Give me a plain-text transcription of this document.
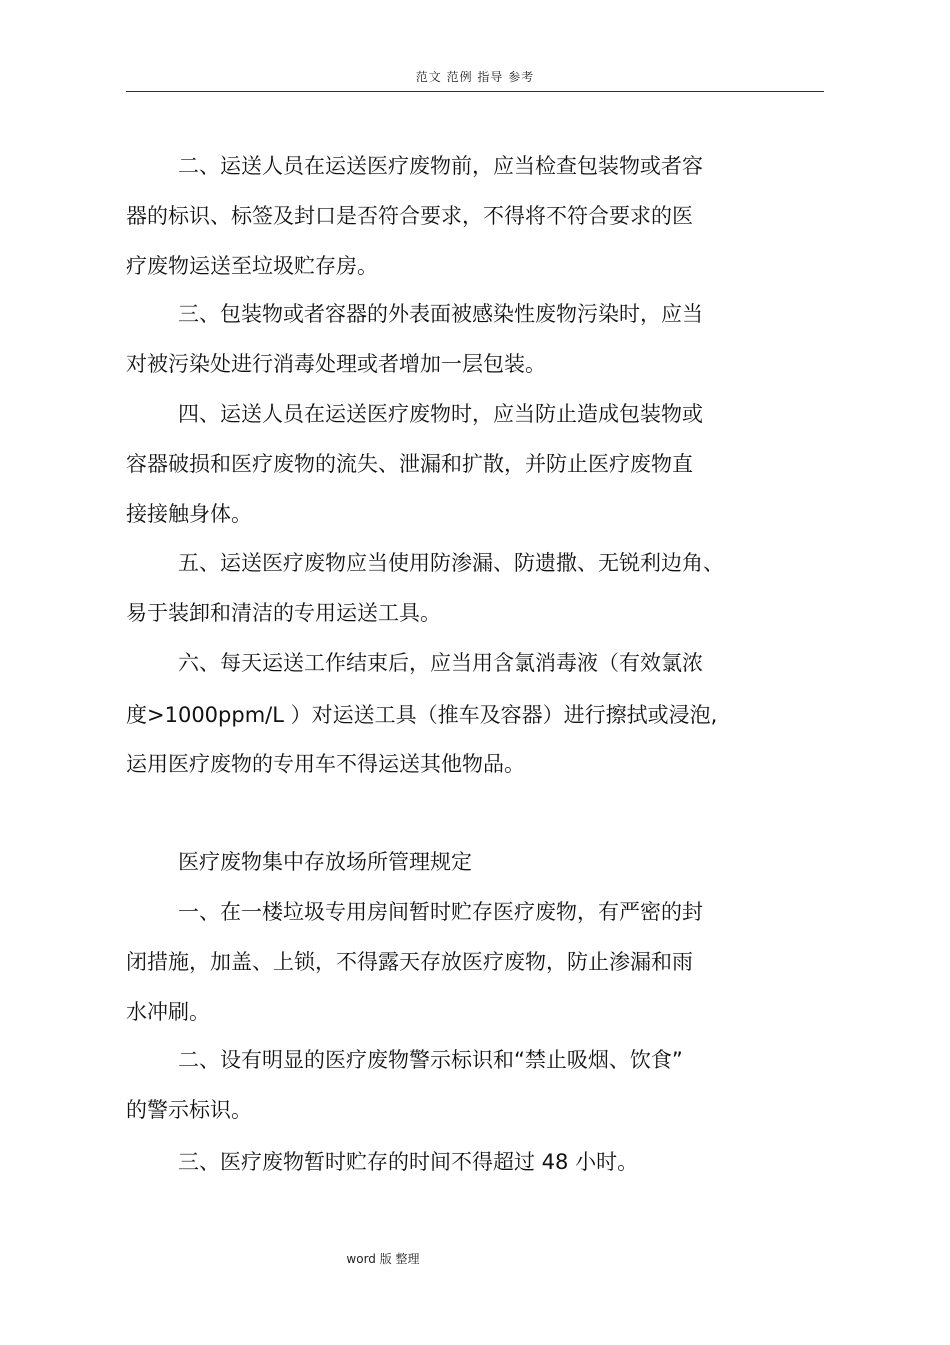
范文 范例 指导 参考
二、运送人员在运送医疗废物前，应当检查包装物或者容
器的标识、标签及封口是否符合要求，不得将不符合要求的医
疗废物运送至垃圾贮存房。
三、包装物或者容器的外表面被感染性废物污染时，应当
对被污染处进行消毒处理或者增加一层包装。
四、运送人员在运送医疗废物时，应当防止造成包装物或
容器破损和医疗废物的流失、泄漏和扩散，并防止医疗废物直
接接触身体。
五、运送医疗废物应当使用防渗漏、防遗撒、无锐利边角、
易于装卸和清洁的专用运送工具。
六、每天运送工作结束后，应当用含氯消毒液（有效氯浓
度>1000ppm/L ）对运送工具（推车及容器）进行擦拭或浸泡,
运用医疗废物的专用车不得运送其他物品。
医疗废物集中存放场所管理规定
一、在一楼垃圾专用房间暂时贮存医疗废物，有严密的封
闭措施，加盖、上锁，不得露天存放医疗废物，防止渗漏和雨
水冲刷。
二、设有明显的医疗废物警示标识和“禁止吸烟、饮食”
的警示标识。
三、医疗废物暂时贮存的时间不得超过 48 小时。
word 版 整理
